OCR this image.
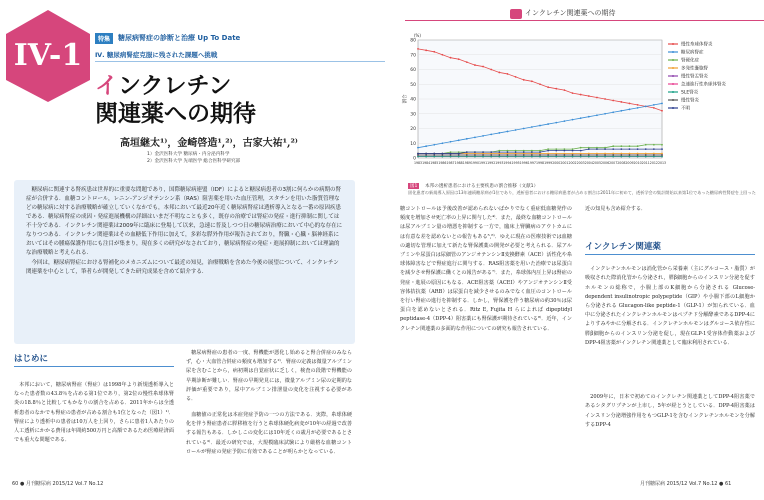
IV-1	特集	糖尿病腎症の診断と治療 Up To Date
Ⅳ. 糖尿病腎症克服に残された課題へ挑戦
インクレチン
関連薬への期待
高垣継太¹⁾，金崎啓造¹,²⁾，古家大祐¹,²⁾
1）金沢医科大学 糖尿病・内分泌内科学
2）金沢医科大学 先端医学 総合医科学研究部
糖尿病に関連する腎疾患は世界的に重要な問題であり，国際糖尿病連盟（IDF）によると糖尿病患者の3割に何らかの病期の腎症が合併する．血糖コントロール，レニン-アンジオテンシン系（RAS）阻害薬を用いた血圧管理，スタチンを用いた脂質管理などの糖尿病に対する治療戦略が確立していくなかでも，本邦において最近20年近く糖尿病腎症は透析導入となる一番の原因疾患である．糖尿病腎症の成因・発症進展機構の詳細はいまだ不明なことも多く，既存の治療では腎症の発症・進行抑制に関しては不十分である．インクレチン関連薬は2009年に臨床に登場して以来，急速に普及しつつ日の糖尿病治療において中心的な存在になりつつある．インクレチン関連薬はその血糖低下作用に加えて，多彩な膵外作用が報告されており，腎臓・心臓・脳神経系においてはその腫瘍保護作用にも注目が集まり，現在多くの研究がなされており，糖尿病腎症の発症・進展抑制においては理論的な治療戦略と考えられる．
今回は，糖尿病腎症における腎補化のメカニズムについて最近の知見，治療戦略を含めた今後の展望について、インクレチン関連薬を中心として，筆者らが開発してきた研究成果を含めて紹介する．
はじめに
本邦において，糖尿病腎症（腎症）は1998年より新規透析導入となった患者数の43.8％を占める第1位であり，第2位の慢性糸球体腎炎の18.8％と比較してもかなりの割合を占める．2011年からは全透析患者のなかでも腎症の患者が占める割合も1位となった（図1）¹⁾．腎症により透析中の患者は10万人を上回り，さらに患者1人あたりの人工透析にかかる費用は年間約500万円と高額であるため医療経済面でも重大な問題である．
糖尿病腎症の患者の一度、腎機能が悪化し始めると腎合併症のみならず，心・大血管合併症の頻度も増加する²⁾．腎症の定義は微量アルブミン尿を含むことから，病初期は自覚症状に乏しく，検査の段階で腎機能の早期診断が難しい．腎症の早期発見には，微量アルブミン尿の定期的な評価が重要であり，尿中アルブミン排泄量の変化を注視する必要がある．
血糖値の正常化は本症発症予防の一つの方法である．実際，糸球体硬化を伴う腎症患者に膵移植を行うと糸球体硬化病変が10年の経過で改善する報告もある．しかしこの変化には10年近くの歳月が必要であるとされている³⁾．最近の研究では，大規模臨床試験により厳格な血糖コントロールが腎症の発症予防に有効であることが明らかとなっている．
糖コントロールは予後改善が認められないばかりでなく重症低血糖発作の頻度を増加させ死亡率の上昇に関与した⁴⁾．また，最終な血糖コントロールは尿アルブミン量の増悪を抑制する一方で，臨床上腎臓病のアウトカムには有意な差を認めないとの報告もある⁵,⁶⁾．ゆえに現在の医療技術では血糖の適切な管理に加えて新たな腎保護薬の開発が必要と考えられる．尿アルブミンや尿蛋白は尿細管のアンジオテンシンⅡ変換酵素（ACE）活性化や糸球体障害などで腎症進行に関与する．RAS阻害薬を用いた治療では尿蛋白を減少させ腎保護に働くとの報告がある⁷⁾．また，糸球体内圧上昇は腎症の発症・進展の原因にもなる．ACE阻害薬（ACEI）やアンジオテンシンⅡ受容体拮抗薬（ARB）は尿蛋白を減少させるのみでなく血圧のコントロールを行い腎症の進行を抑制する．しかし，腎保護を伴う糖尿病の約30％は尿蛋白を認めないとされる．Ritz E, Fujita H らによれば dipeptidyl peptidase-4（DPP-4）阻害薬にも腎保護が期待されている⁸⁾．近年，インクレチン関連薬の多面的な作用についての研究も報告されている．
近の知見も含め紹介する．
インクレチン関連薬
インクレチンホルモンは消化管から栄養素（主にグルコース・脂質）が吸収された際消化管から分泌され，膵β細胞からのインスリン分泌を促すホルモンの総称で，小腸上部のK細胞から分泌される Glucose-dependent insulinotropic polypeptide（GIP）や小腸下部のL細胞から分泌される Glucagon-like peptide-1（GLP-1）が知られている．血中に分泌されたインクレチンホルモンはペプチド分解酵素であるDPP-4によりすみやかに分解される．インクレチンホルモンはグルコース依存性に膵β細胞からのインスリン分泌を促し，現在GLP-1受容体作動薬およびDPP-4阻害薬がインクレチン関連薬として臨床利用されている．
2009年に，日本で初めてのインクレチン関連薬としてDPP-4阻害薬であるシタグリプチンが上市し，5年が経とうとしている．DPP-4阻害薬はインスリン分泌増強作用をもつGLP-1を含むインクレチンホルモンを分解するDPP-4
インクレチン関連薬への期待
0
10
20
30
40
50
60
70
80
1983 1984 1985 1986 1987 1988 1989 1990 1991 1992 1993 1994 1995 1996 1997 1998 1999 2000 2001 2002 2003 2004 2005 2006 2007 2008 2009 2010 2011 2012 2013
割合
(%)
慢性糸球体腎炎
糖尿病腎症
腎硬化症
多発性嚢胞腎
慢性腎盂腎炎
急速進行性糸球体腎炎
SLE腎炎
慢性腎炎
不明
図1	本邦の透析患者における主要疾患の割合推移（文献1）
固化患者の新規導入原因は13年連続糖尿病が1位であり，透析患者における糖尿病患者が占める割合は2011年に初めて，透析学会の集計開始以来第1位であった糖尿病性腎症を上回った
60 ● 月刊糖尿病 2015/12 Vol.7 No.12	月刊糖尿病 2015/12 Vol.7 No.12 ● 61
